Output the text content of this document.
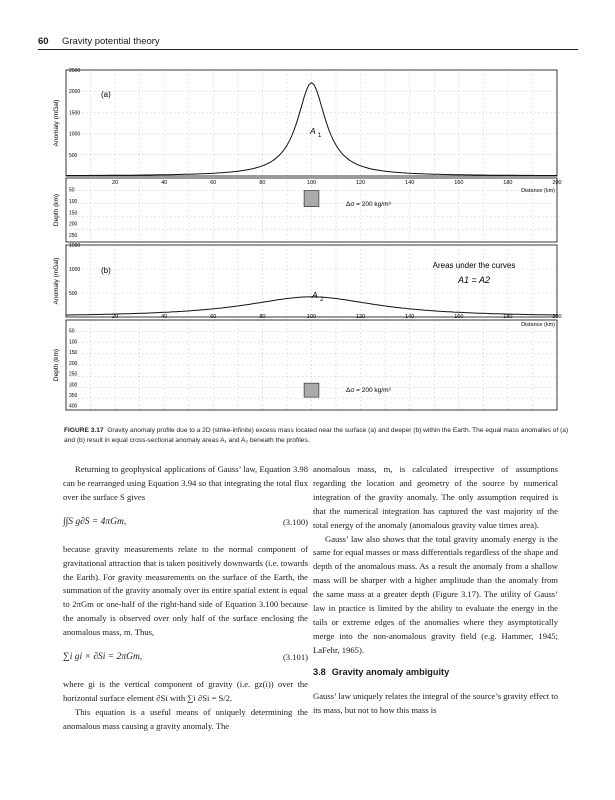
60 Gravity potential theory
Anomaly (mGal)
2500
2000
1500
1000
500
(a)
A 1
20	40	60	80	100	120	140	160	180	200
Distance (km)
Depth (km)
50
100
150
200
250
Δσ = 200 kg/m³
Anomaly (mGal)
1500
1000
500
(b)
A 2
Areas under the curves
A1 = A2
20	40	60	80	100	120	140	160	180	200
Distance (km)
Depth (km)
50
100
150
200
250
300
350
400
Δσ = 200 kg/m³
FIGURE 3.17 Gravity anomaly profile due to a 2D (strike-infinite) excess mass located near the surface (a) and deeper (b) within the Earth. The equal mass anomalies of (a) and (b) result in equal cross-sectional anomaly areas A₁ and A₂ beneath the profiles.

Returning to geophysical applications of Gauss’ law, Equation 3.98 can be rearranged using Equation 3.94 so that integrating the total flux over the surface S gives

∫∫S g∂S = 4πGm,	(3.100)

because gravity measurements relate to the normal component of gravitational attraction that is taken positively downwards (i.e. towards the Earth). For gravity measurements on the surface of the Earth, the summation of the gravity anomaly over its entire spatial extent is equal to 2πGm or one-half of the right-hand side of Equation 3.100 because the anomaly is observed over only half of the surface enclosing the anomalous mass, m. Thus,

∑i gi × ∂Si = 2πGm,	(3.101)

where gi is the vertical component of gravity (i.e. gz(i)) over the horizontal surface element ∂Si with ∑i ∂Si = S/2.

This equation is a useful means of uniquely determining the anomalous mass causing a gravity anomaly. The

anomalous mass, m, is calculated irrespective of assumptions regarding the location and geometry of the source by numerical integration of the gravity anomaly. The only assumption required is that the numerical integration has captured the vast majority of the total energy of the anomaly (anomalous gravity value times area).

Gauss’ law also shows that the total gravity anomaly energy is the same for equal masses or mass differentials regardless of the shape and depth of the anomalous mass. As a result the anomaly from a shallow mass will be sharper with a higher amplitude than the anomaly from the same mass at a greater depth (Figure 3.17). The utility of Gauss’ law in practice is limited by the ability to evaluate the energy in the tails or extreme edges of the anomalies where they asymptotically merge into the non-anomalous gravity field (e.g. Hammer, 1945; LaFehr, 1965).

3.8 Gravity anomaly ambiguity

Gauss’ law uniquely relates the integral of the source’s gravity effect to its mass, but not to how this mass is
